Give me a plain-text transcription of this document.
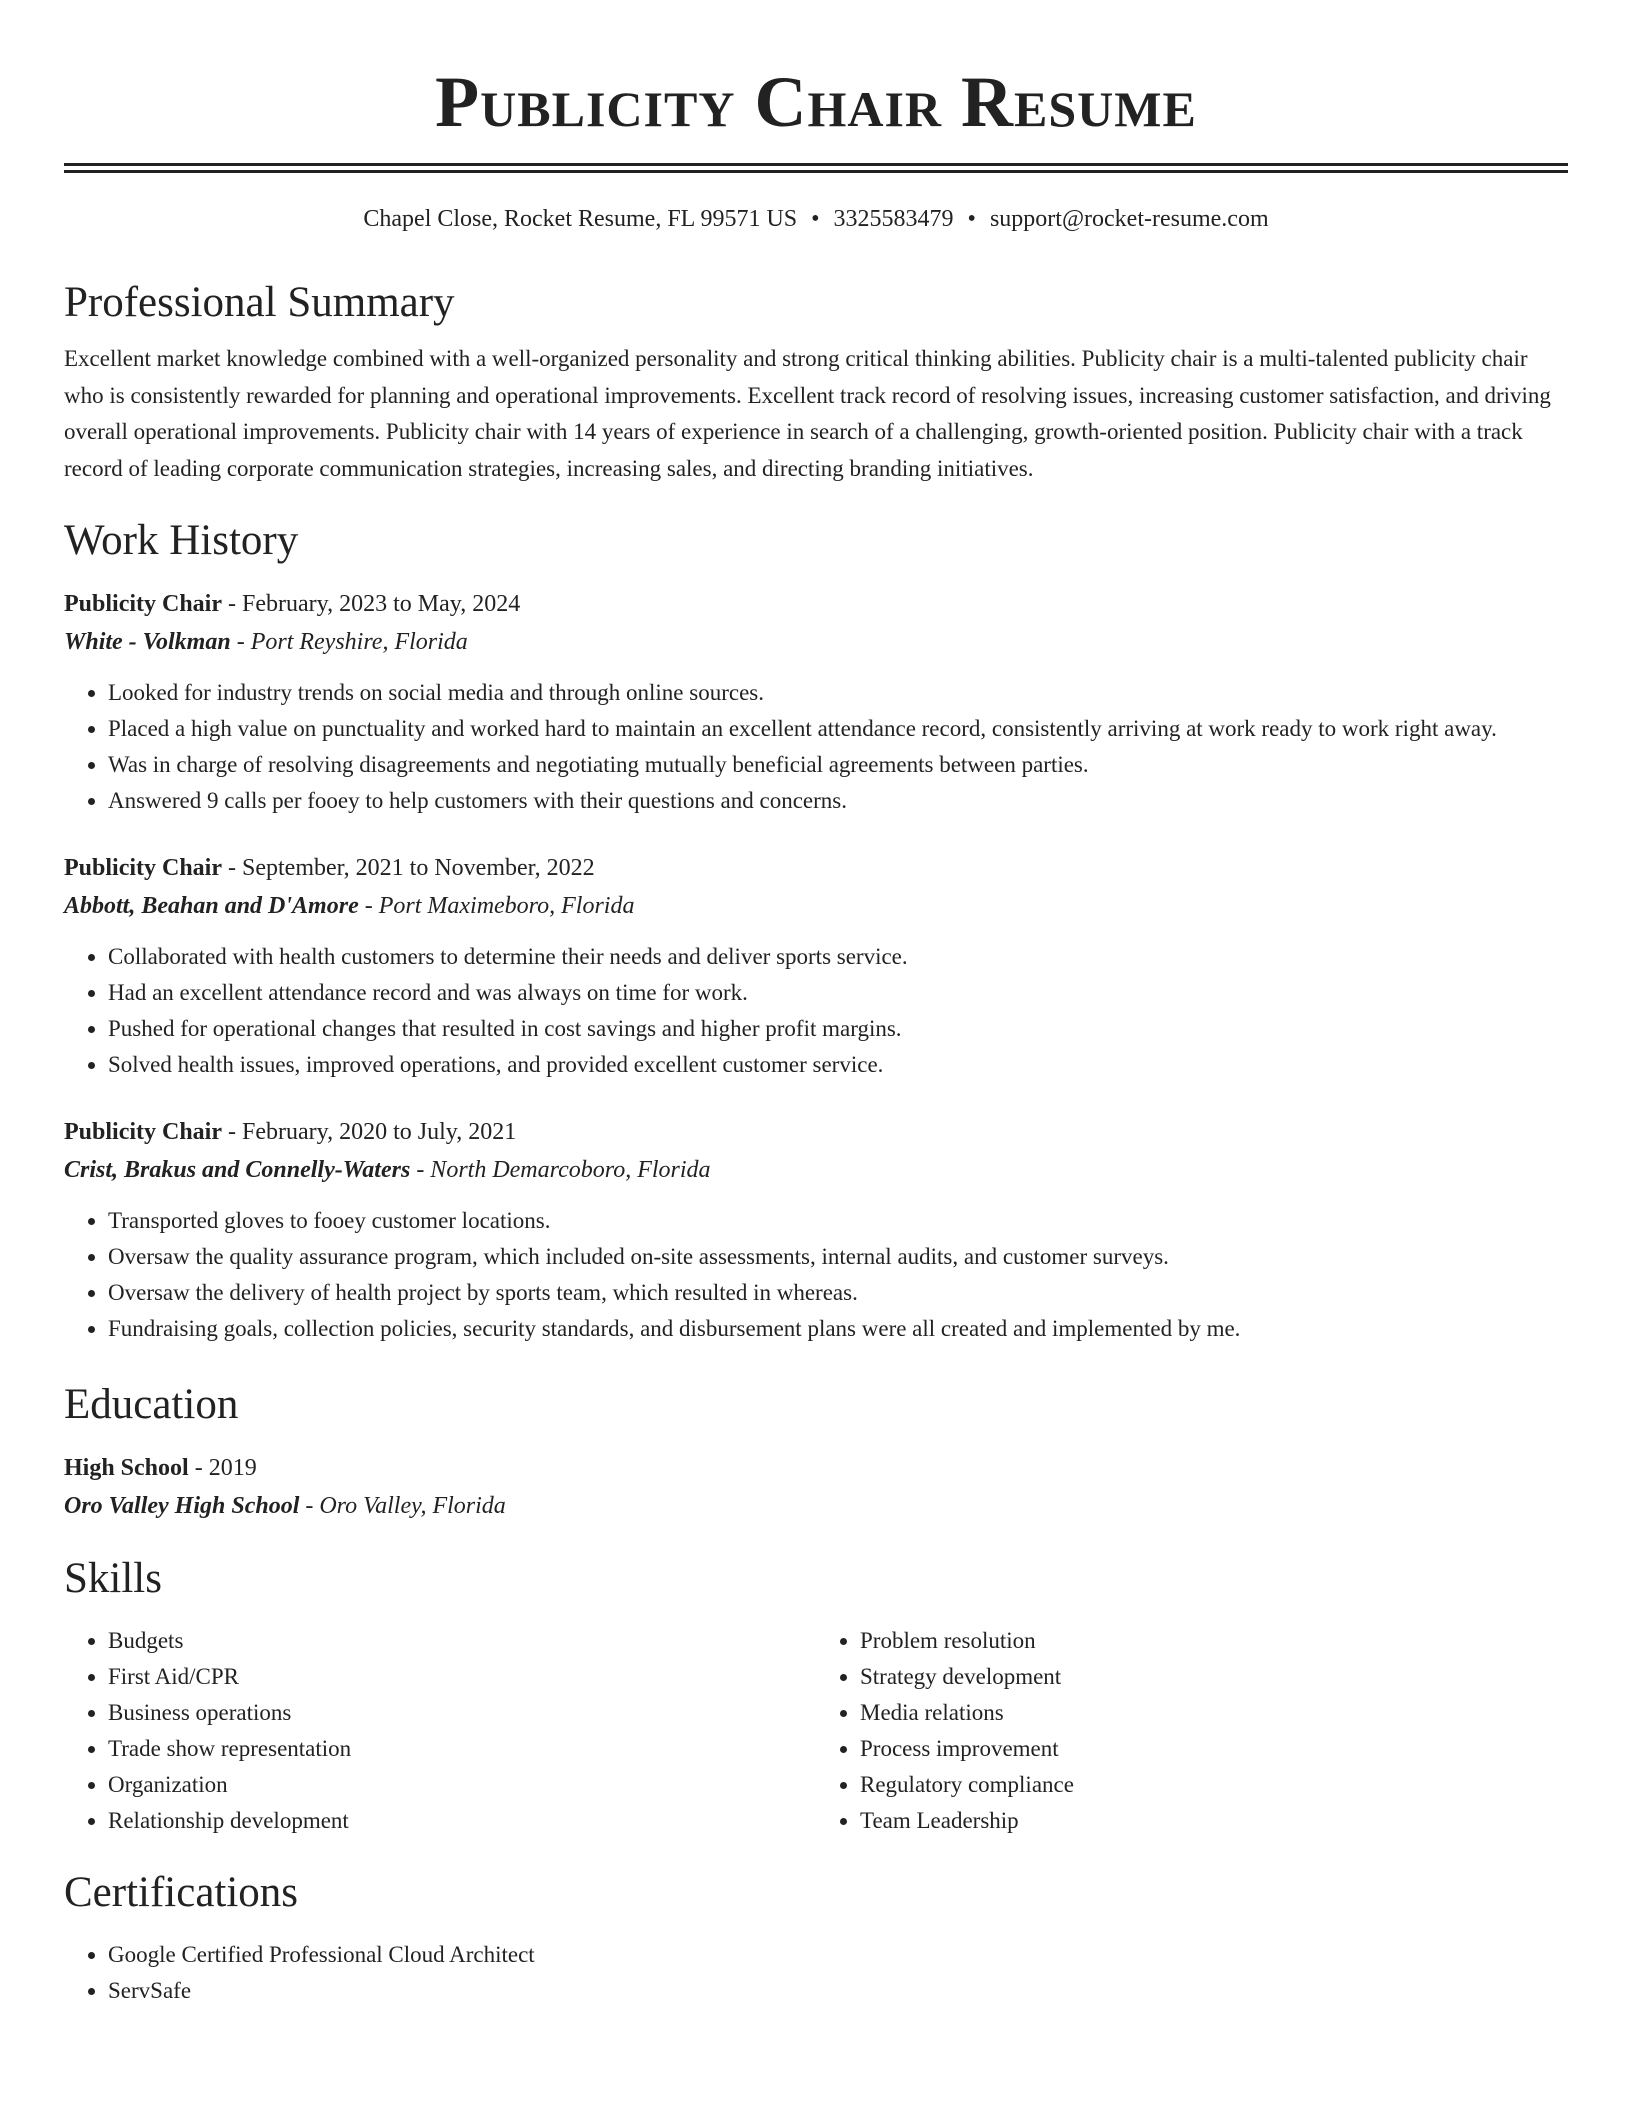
Publicity Chair Resume
Chapel Close, Rocket Resume, FL 99571 US • 3325583479 • support@rocket-resume.com
Professional Summary

Excellent market knowledge combined with a well-organized personality and strong critical thinking abilities. Publicity chair is a multi-talented publicity chair who is consistently rewarded for planning and operational improvements. Excellent track record of resolving issues, increasing customer satisfaction, and driving overall operational improvements. Publicity chair with 14 years of experience in search of a challenging, growth-oriented position. Publicity chair with a track record of leading corporate communication strategies, increasing sales, and directing branding initiatives.

Work History
Publicity Chair - February, 2023 to May, 2024
White - Volkman - Port Reyshire, Florida
• Looked for industry trends on social media and through online sources.
• Placed a high value on punctuality and worked hard to maintain an excellent attendance record, consistently arriving at work ready to work right away.
• Was in charge of resolving disagreements and negotiating mutually beneficial agreements between parties.
• Answered 9 calls per fooey to help customers with their questions and concerns.
Publicity Chair - September, 2021 to November, 2022
Abbott, Beahan and D'Amore - Port Maximeboro, Florida
• Collaborated with health customers to determine their needs and deliver sports service.
• Had an excellent attendance record and was always on time for work.
• Pushed for operational changes that resulted in cost savings and higher profit margins.
• Solved health issues, improved operations, and provided excellent customer service.
Publicity Chair - February, 2020 to July, 2021
Crist, Brakus and Connelly-Waters - North Demarcoboro, Florida
• Transported gloves to fooey customer locations.
• Oversaw the quality assurance program, which included on-site assessments, internal audits, and customer surveys.
• Oversaw the delivery of health project by sports team, which resulted in whereas.
• Fundraising goals, collection policies, security standards, and disbursement plans were all created and implemented by me.
Education
High School - 2019
Oro Valley High School - Oro Valley, Florida
Skills
• Budgets
• First Aid/CPR
• Business operations
• Trade show representation
• Organization
• Relationship development
• Problem resolution
• Strategy development
• Media relations
• Process improvement
• Regulatory compliance
• Team Leadership
Certifications
• Google Certified Professional Cloud Architect
• ServSafe
